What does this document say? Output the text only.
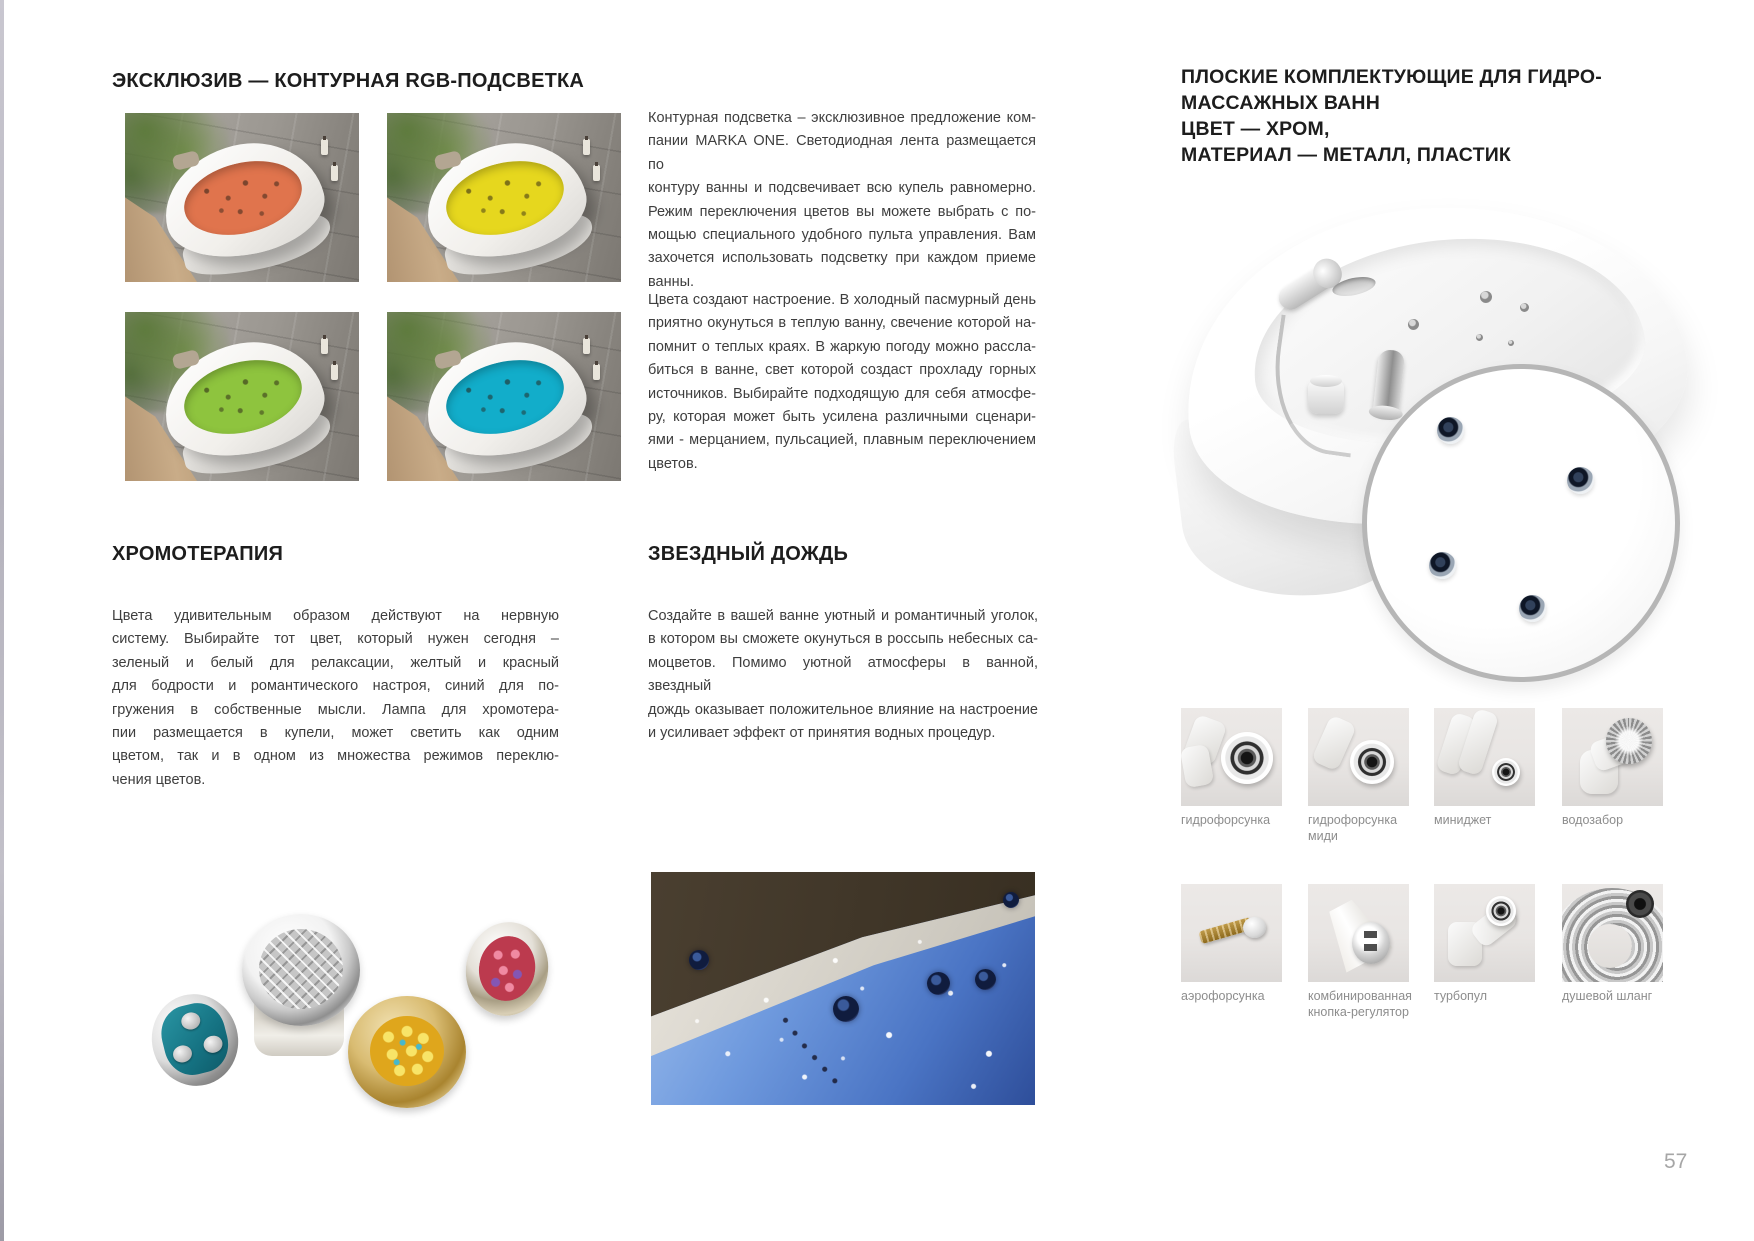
ЭКСКЛЮЗИВ — КОНТУРНАЯ RGB-ПОДСВЕТКА
ХРОМОТЕРАПИЯ	ЗВЕЗДНЫЙ ДОЖДЬ
ПЛОСКИЕ КОМПЛЕКТУЮЩИЕ ДЛЯ ГИДРО-
МАССАЖНЫХ ВАНН
ЦВЕТ — ХРОМ,
МАТЕРИАЛ — МЕТАЛЛ, ПЛАСТИК
Контурная подсветка – эксклюзивное предложение ком-
пании MARKA ONE. Светодиодная лента размещается по
контуру ванны и подсвечивает всю купель равномерно.
Режим переключения цветов вы можете выбрать с по-
мощью специального удобного пульта управления. Вам
захочется использовать подсветку при каждом приеме
ванны.
Цвета создают настроение. В холодный пасмурный день
приятно окунуться в теплую ванну, свечение которой на-
помнит о теплых краях. В жаркую погоду можно рассла-
биться в ванне, свет которой создаст прохладу горных
источников. Выбирайте подходящую для себя атмосфе-
ру, которая может быть усилена различными сценари-
ями - мерцанием, пульсацией, плавным переключением
цветов.
Цвета удивительным образом действуют на нервную
систему. Выбирайте тот цвет, который нужен сегодня –
зеленый и белый для релаксации, желтый и красный
для бодрости и романтического настроя, синий для по-
гружения в собственные мысли. Лампа для хромотера-
пии размещается в купели, может светить как одним
цветом, так и в одном из множества режимов переклю-
чения цветов.
Создайте в вашей ванне уютный и романтичный уголок,
в котором вы сможете окунуться в россыпь небесных са-
моцветов. Помимо уютной атмосферы в ванной, звездный
дождь оказывает положительное влияние на настроение
и усиливает эффект от принятия водных процедур.
гидрофорсунка	гидрофорсунка миди
миниджет	водозабор
аэрофорсунка	комбинированная кнопка-регулятор
турбопул	душевой шланг
57
